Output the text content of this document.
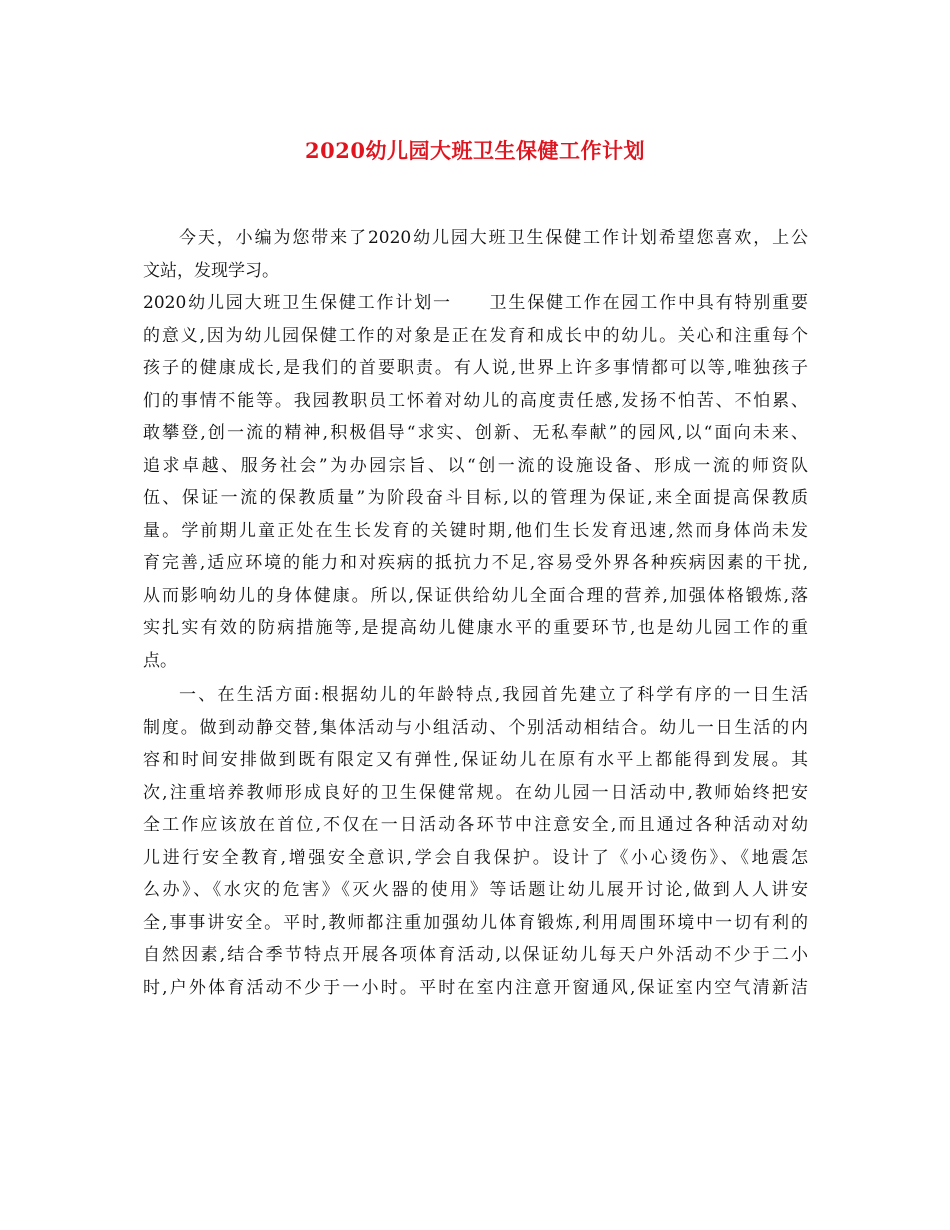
2020幼儿园大班卫生保健工作计划
今天，小编为您带来了2020幼儿园大班卫生保健工作计划希望您喜欢，上公
文站，发现学习。
2020幼儿园大班卫生保健工作计划一　　卫生保健工作在园工作中具有特别重要
的意义,因为幼儿园保健工作的对象是正在发育和成长中的幼儿。关心和注重每个
孩子的健康成长,是我们的首要职责。有人说,世界上许多事情都可以等,唯独孩子
们的事情不能等。我园教职员工怀着对幼儿的高度责任感,发扬不怕苦、不怕累、
敢攀登,创一流的精神,积极倡导“求实、创新、无私奉献”的园风,以“面向未来、
追求卓越、服务社会”为办园宗旨、以“创一流的设施设备、形成一流的师资队
伍、保证一流的保教质量”为阶段奋斗目标,以的管理为保证,来全面提高保教质
量。学前期儿童正处在生长发育的关键时期,他们生长发育迅速,然而身体尚未发
育完善,适应环境的能力和对疾病的抵抗力不足,容易受外界各种疾病因素的干扰,
从而影响幼儿的身体健康。所以,保证供给幼儿全面合理的营养,加强体格锻炼,落
实扎实有效的防病措施等,是提高幼儿健康水平的重要环节,也是幼儿园工作的重
点。
一、在生活方面:根据幼儿的年龄特点,我园首先建立了科学有序的一日生活
制度。做到动静交替,集体活动与小组活动、个别活动相结合。幼儿一日生活的内
容和时间安排做到既有限定又有弹性,保证幼儿在原有水平上都能得到发展。其
次,注重培养教师形成良好的卫生保健常规。在幼儿园一日活动中,教师始终把安
全工作应该放在首位,不仅在一日活动各环节中注意安全,而且通过各种活动对幼
儿进行安全教育,增强安全意识,学会自我保护。设计了《小心烫伤》、《地震怎
么办》、《水灾的危害》《灭火器的使用》等话题让幼儿展开讨论,做到人人讲安
全,事事讲安全。平时,教师都注重加强幼儿体育锻炼,利用周围环境中一切有利的
自然因素,结合季节特点开展各项体育活动,以保证幼儿每天户外活动不少于二小
时,户外体育活动不少于一小时。平时在室内注意开窗通风,保证室内空气清新洁
